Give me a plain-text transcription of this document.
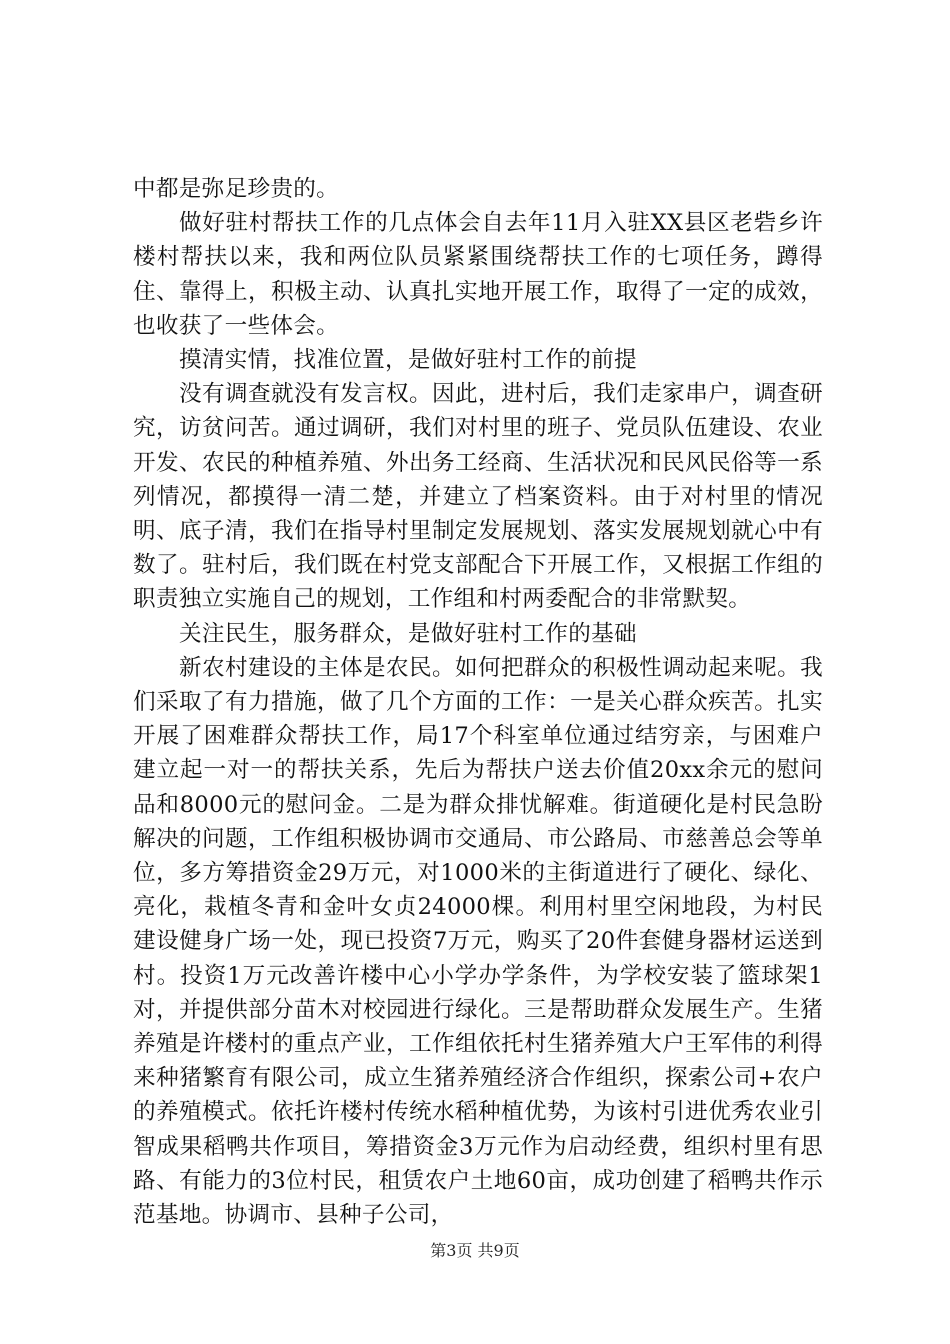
中都是弥足珍贵的。

做好驻村帮扶工作的几点体会自去年11月入驻XX县区老砦乡许楼村帮扶以来，我和两位队员紧紧围绕帮扶工作的七项任务，蹲得住、靠得上，积极主动、认真扎实地开展工作，取得了一定的成效，也收获了一些体会。

摸清实情，找准位置，是做好驻村工作的前提

没有调查就没有发言权。因此，进村后，我们走家串户，调查研究，访贫问苦。通过调研，我们对村里的班子、党员队伍建设、农业开发、农民的种植养殖、外出务工经商、生活状况和民风民俗等一系列情况，都摸得一清二楚，并建立了档案资料。由于对村里的情况明、底子清，我们在指导村里制定发展规划、落实发展规划就心中有数了。驻村后，我们既在村党支部配合下开展工作，又根据工作组的职责独立实施自己的规划，工作组和村两委配合的非常默契。

关注民生，服务群众，是做好驻村工作的基础

新农村建设的主体是农民。如何把群众的积极性调动起来呢。我们采取了有力措施，做了几个方面的工作：一是关心群众疾苦。扎实开展了困难群众帮扶工作，局17个科室单位通过结穷亲，与困难户建立起一对一的帮扶关系，先后为帮扶户送去价值20xx余元的慰问品和8000元的慰问金。二是为群众排忧解难。街道硬化是村民急盼解决的问题，工作组积极协调市交通局、市公路局、市慈善总会等单位，多方筹措资金29万元，对1000米的主街道进行了硬化、绿化、亮化，栽植冬青和金叶女贞24000棵。利用村里空闲地段，为村民建设健身广场一处，现已投资7万元，购买了20件套健身器材运送到村。投资1万元改善许楼中心小学办学条件，为学校安装了篮球架1对，并提供部分苗木对校园进行绿化。三是帮助群众发展生产。生猪养殖是许楼村的重点产业，工作组依托村生猪养殖大户王军伟的利得来种猪繁育有限公司，成立生猪养殖经济合作组织，探索公司+农户的养殖模式。依托许楼村传统水稻种植优势，为该村引进优秀农业引智成果稻鸭共作项目，筹措资金3万元作为启动经费，组织村里有思路、有能力的3位村民，租赁农户土地60亩，成功创建了稻鸭共作示范基地。协调市、县种子公司，

第3页 共9页
